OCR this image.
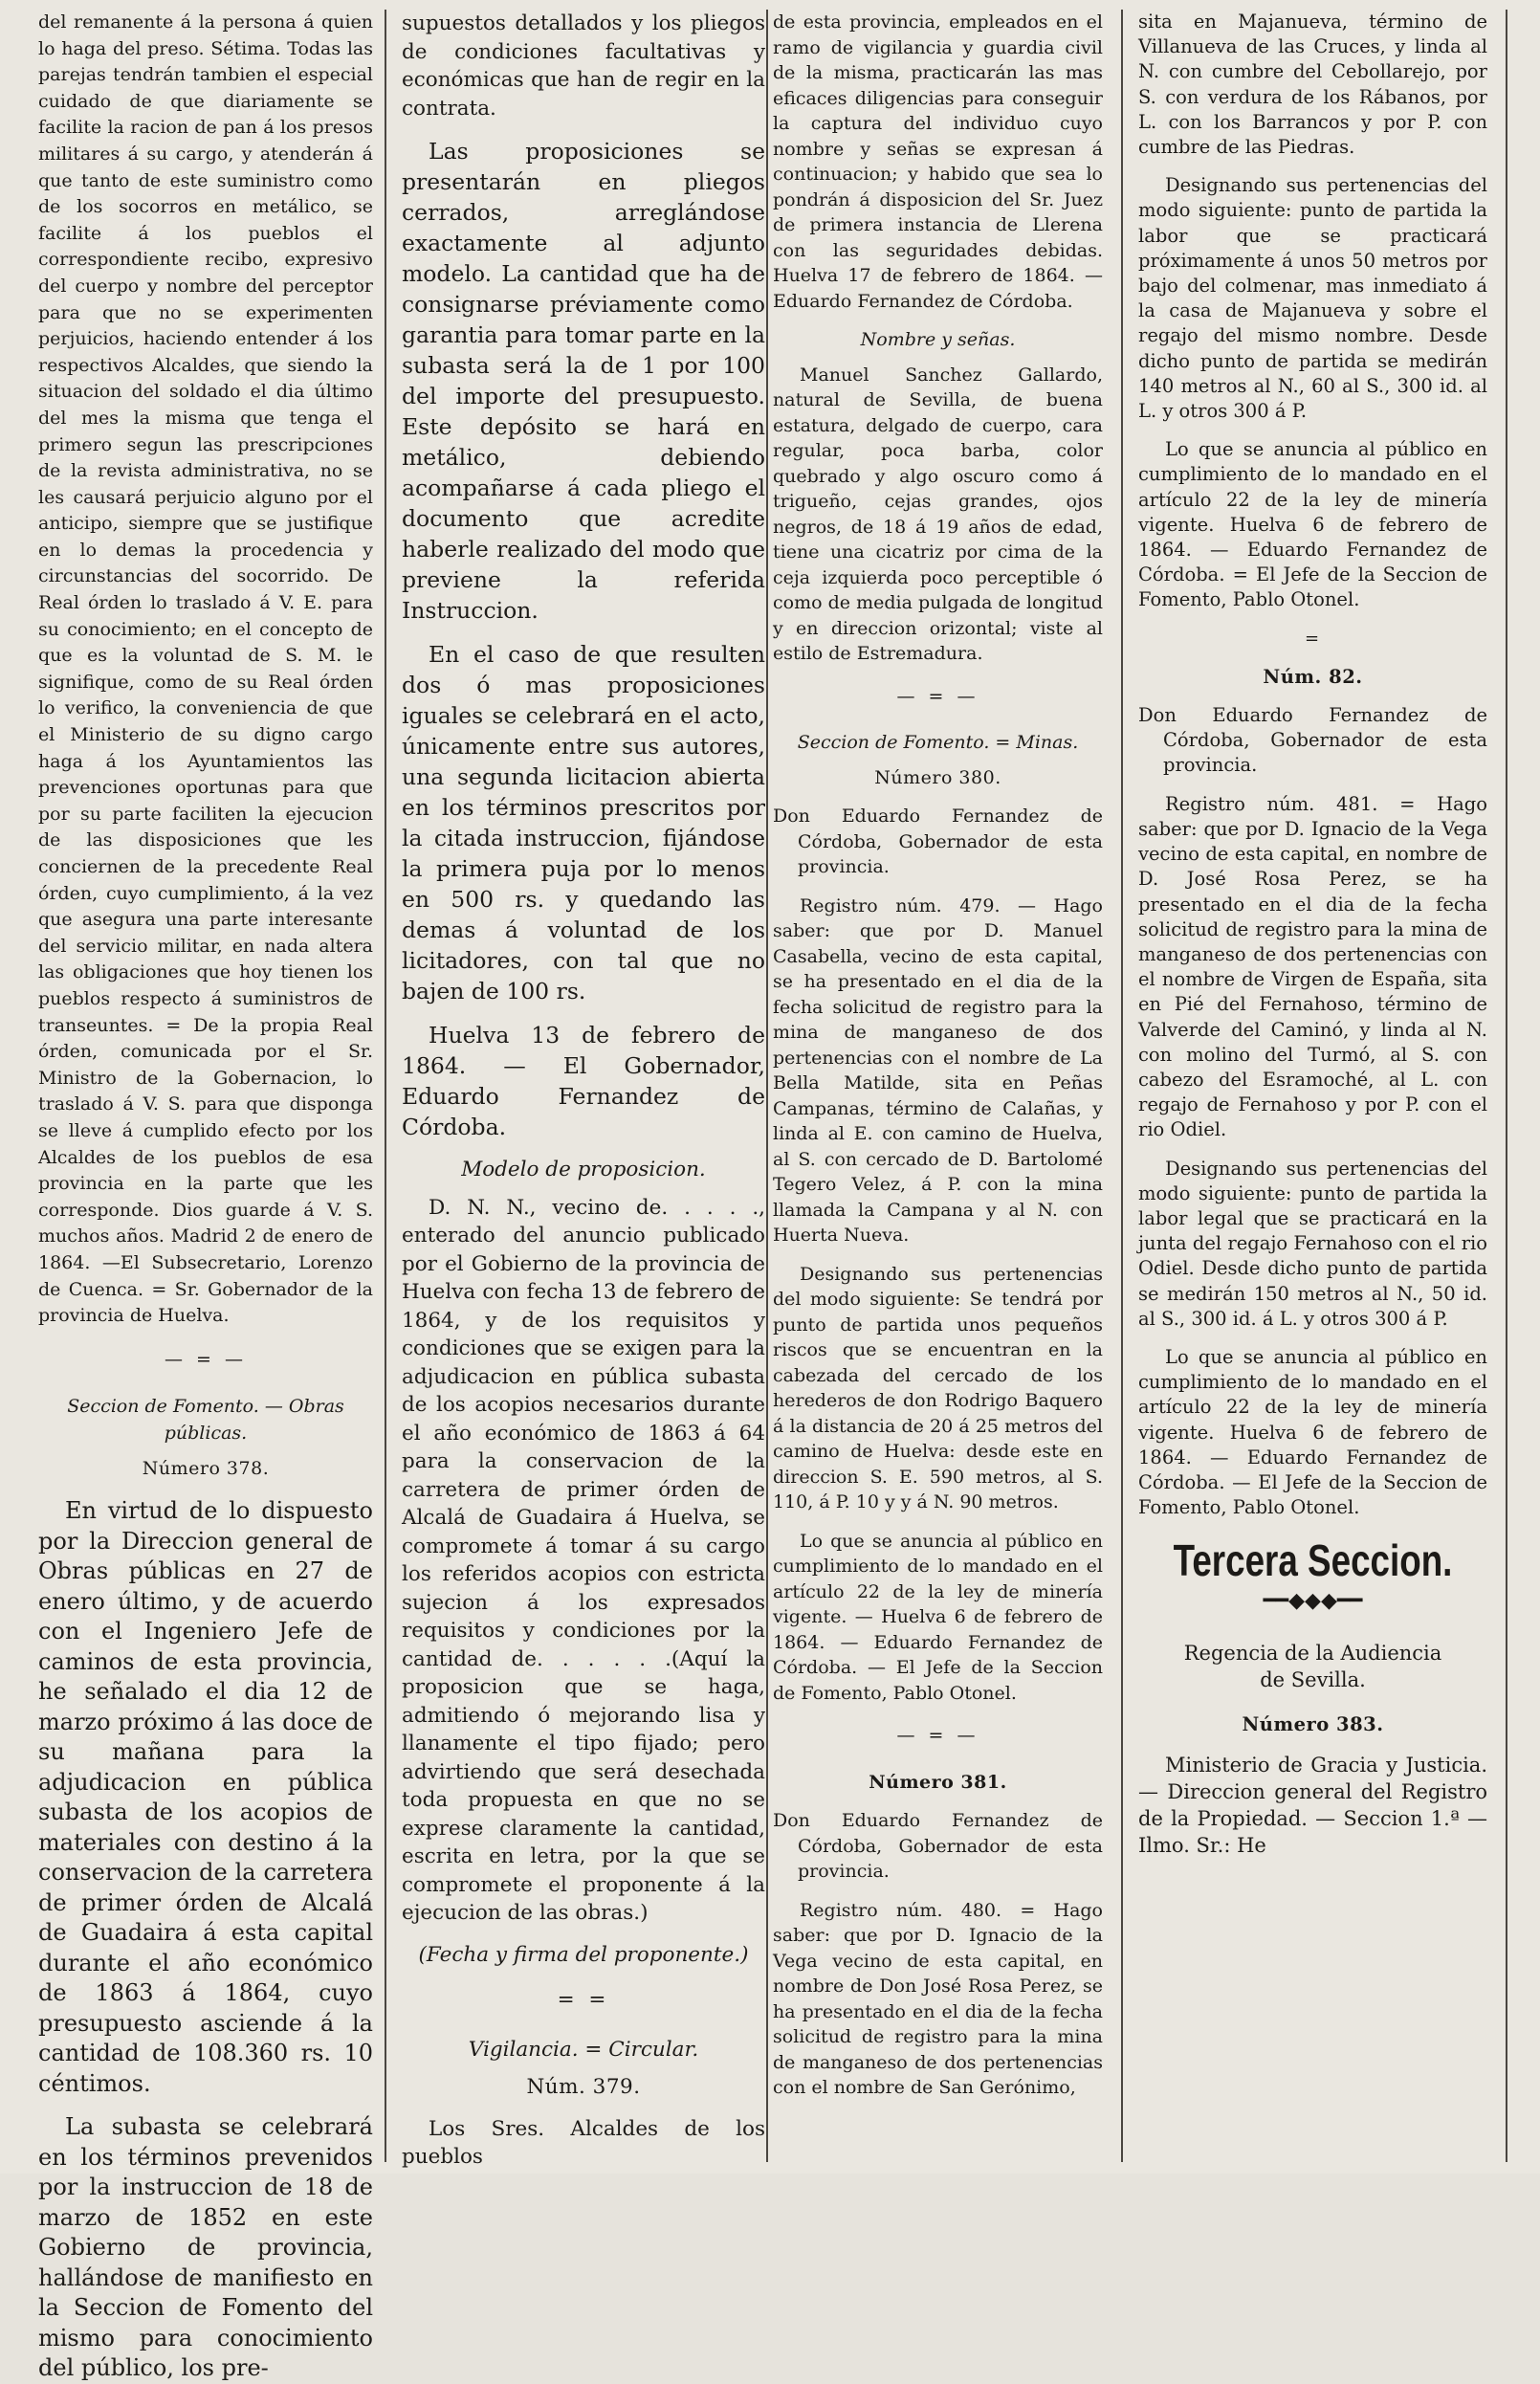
del remanente á la persona á quien lo haga del preso. Sétima. Todas las parejas tendrán tambien el especial cuidado de que diariamente se facilite la racion de pan á los presos militares á su cargo, y atenderán á que tanto de este suministro como de los socorros en metálico, se facilite á los pueblos el correspondiente recibo, expresivo del cuerpo y nombre del perceptor para que no se experimenten perjuicios, haciendo entender á los respectivos Alcaldes, que siendo la situacion del soldado el dia último del mes la misma que tenga el primero segun las prescripciones de la revista administrativa, no se les causará perjuicio alguno por el anticipo, siempre que se justifique en lo demas la procedencia y circunstancias del socorrido. De Real órden lo traslado á V. E. para su conocimiento; en el concepto de que es la voluntad de S. M. le signifique, como de su Real órden lo verifico, la conveniencia de que el Ministerio de su digno cargo haga á los Ayuntamientos las prevenciones oportunas para que por su parte faciliten la ejecucion de las disposiciones que les conciernen de la precedente Real órden, cuyo cumplimiento, á la vez que asegura una parte interesante del servicio militar, en nada altera las obligaciones que hoy tienen los pueblos respecto á suministros de transeuntes. = De la propia Real órden, comunicada por el Sr. Ministro de la Gobernacion, lo traslado á V. S. para que disponga se lleve á cumplido efecto por los Alcaldes de los pueblos de esa provincia en la parte que les corresponde. Dios guarde á V. S. muchos años. Madrid 2 de enero de 1864. —El Subsecretario, Lorenzo de Cuenca. = Sr. Gobernador de la provincia de Huelva.

— = —
Seccion de Fomento. — Obras públicas.
Número 378.

En virtud de lo dispuesto por la Direccion general de Obras públicas en 27 de enero último, y de acuerdo con el Ingeniero Jefe de caminos de esta provincia, he señalado el dia 12 de marzo próximo á las doce de su mañana para la adjudicacion en pública subasta de los acopios de materiales con destino á la conservacion de la carretera de primer órden de Alcalá de Guadaira á esta capital durante el año económico de 1863 á 1864, cuyo presupuesto asciende á la cantidad de 108.360 rs. 10 céntimos.

La subasta se celebrará en los términos prevenidos por la instruccion de 18 de marzo de 1852 en este Gobierno de provincia, hallándose de manifiesto en la Seccion de Fomento del mismo para conocimiento del público, los pre-

supuestos detallados y los pliegos de condiciones facultativas y económicas que han de regir en la contrata.

Las proposiciones se presentarán en pliegos cerrados, arreglándose exactamente al adjunto modelo. La cantidad que ha de consignarse préviamente como garantia para tomar parte en la subasta será la de 1 por 100 del importe del presupuesto. Este depósito se hará en metálico, debiendo acompañarse á cada pliego el documento que acredite haberle realizado del modo que previene la referida Instruccion.

En el caso de que resulten dos ó mas proposiciones iguales se celebrará en el acto, únicamente entre sus autores, una segunda licitacion abierta en los términos prescritos por la citada instruccion, fijándose la primera puja por lo menos en 500 rs. y quedando las demas á voluntad de los licitadores, con tal que no bajen de 100 rs.

Huelva 13 de febrero de 1864. — El Gobernador, Eduardo Fernandez de Córdoba.

Modelo de proposicion.

D. N. N., vecino de. . . . ., enterado del anuncio publicado por el Gobierno de la provincia de Huelva con fecha 13 de febrero de 1864, y de los requisitos y condiciones que se exigen para la adjudicacion en pública subasta de los acopios necesarios durante el año económico de 1863 á 64 para la conservacion de la carretera de primer órden de Alcalá de Guadaira á Huelva, se compromete á tomar á su cargo los referidos acopios con estricta sujecion á los expresados requisitos y condiciones por la cantidad de. . . . . .(Aquí la proposicion que se haga, admitiendo ó mejorando lisa y llanamente el tipo fijado; pero advirtiendo que será desechada toda propuesta en que no se exprese claramente la cantidad, escrita en letra, por la que se compromete el proponente á la ejecucion de las obras.)

(Fecha y firma del proponente.)
= =
Vigilancia. = Circular.
Núm. 379.

Los Sres. Alcaldes de los pueblos

de esta provincia, empleados en el ramo de vigilancia y guardia civil de la misma, practicarán las mas eficaces diligencias para conseguir la captura del individuo cuyo nombre y señas se expresan á continuacion; y habido que sea lo pondrán á disposicion del Sr. Juez de primera instancia de Llerena con las seguridades debidas. Huelva 17 de febrero de 1864. — Eduardo Fernandez de Córdoba.

Nombre y señas.

Manuel Sanchez Gallardo, natural de Sevilla, de buena estatura, delgado de cuerpo, cara regular, poca barba, color quebrado y algo oscuro como á trigueño, cejas grandes, ojos negros, de 18 á 19 años de edad, tiene una cicatriz por cima de la ceja izquierda poco perceptible ó como de media pulgada de longitud y en direccion orizontal; viste al estilo de Estremadura.

— = —
Seccion de Fomento. = Minas.
Número 380.

Don Eduardo Fernandez de Córdoba, Gobernador de esta provincia.

Registro núm. 479. — Hago saber: que por D. Manuel Casabella, vecino de esta capital, se ha presentado en el dia de la fecha solicitud de registro para la mina de manganeso de dos pertenencias con el nombre de La Bella Matilde, sita en Peñas Campanas, término de Calañas, y linda al E. con camino de Huelva, al S. con cercado de D. Bartolomé Tegero Velez, á P. con la mina llamada la Campana y al N. con Huerta Nueva.

Designando sus pertenencias del modo siguiente: Se tendrá por punto de partida unos pequeños riscos que se encuentran en la cabezada del cercado de los herederos de don Rodrigo Baquero á la distancia de 20 á 25 metros del camino de Huelva: desde este en direccion S. E. 590 metros, al S. 110, á P. 10 y y á N. 90 metros.

Lo que se anuncia al público en cumplimiento de lo mandado en el artículo 22 de la ley de minería vigente. — Huelva 6 de febrero de 1864. — Eduardo Fernandez de Córdoba. — El Jefe de la Seccion de Fomento, Pablo Otonel.

— = —
Número 381.

Don Eduardo Fernandez de Córdoba, Gobernador de esta provincia.

Registro núm. 480. = Hago saber: que por D. Ignacio de la Vega vecino de esta capital, en nombre de Don José Rosa Perez, se ha presentado en el dia de la fecha solicitud de registro para la mina de manganeso de dos pertenencias con el nombre de San Gerónimo,

sita en Majanueva, término de Villanueva de las Cruces, y linda al N. con cumbre del Cebollarejo, por S. con verdura de los Rábanos, por L. con los Barrancos y por P. con cumbre de las Piedras.

Designando sus pertenencias del modo siguiente: punto de partida la labor que se practicará próximamente á unos 50 metros por bajo del colmenar, mas inmediato á la casa de Majanueva y sobre el regajo del mismo nombre. Desde dicho punto de partida se medirán 140 metros al N., 60 al S., 300 id. al L. y otros 300 á P.

Lo que se anuncia al público en cumplimiento de lo mandado en el artículo 22 de la ley de minería vigente. Huelva 6 de febrero de 1864. — Eduardo Fernandez de Córdoba. = El Jefe de la Seccion de Fomento, Pablo Otonel.

=
Núm. 82.

Don Eduardo Fernandez de Córdoba, Gobernador de esta provincia.

Registro núm. 481. = Hago saber: que por D. Ignacio de la Vega vecino de esta capital, en nombre de D. José Rosa Perez, se ha presentado en el dia de la fecha solicitud de registro para la mina de manganeso de dos pertenencias con el nombre de Virgen de España, sita en Pié del Fernahoso, término de Valverde del Caminó, y linda al N. con molino del Turmó, al S. con cabezo del Esramoché, al L. con regajo de Fernahoso y por P. con el rio Odiel.

Designando sus pertenencias del modo siguiente: punto de partida la labor legal que se practicará en la junta del regajo Fernahoso con el rio Odiel. Desde dicho punto de partida se medirán 150 metros al N., 50 id. al S., 300 id. á L. y otros 300 á P.

Lo que se anuncia al público en cumplimiento de lo mandado en el artículo 22 de la ley de minería vigente. Huelva 6 de febrero de 1864. — Eduardo Fernandez de Córdoba. — El Jefe de la Seccion de Fomento, Pablo Otonel.

Tercera Seccion.
━━◆◆◆━━
Regencia de la Audiencia
de Sevilla.
Número 383.

Ministerio de Gracia y Justicia. — Direccion general del Registro de la Propiedad. — Seccion 1.ª — Ilmo. Sr.: He
